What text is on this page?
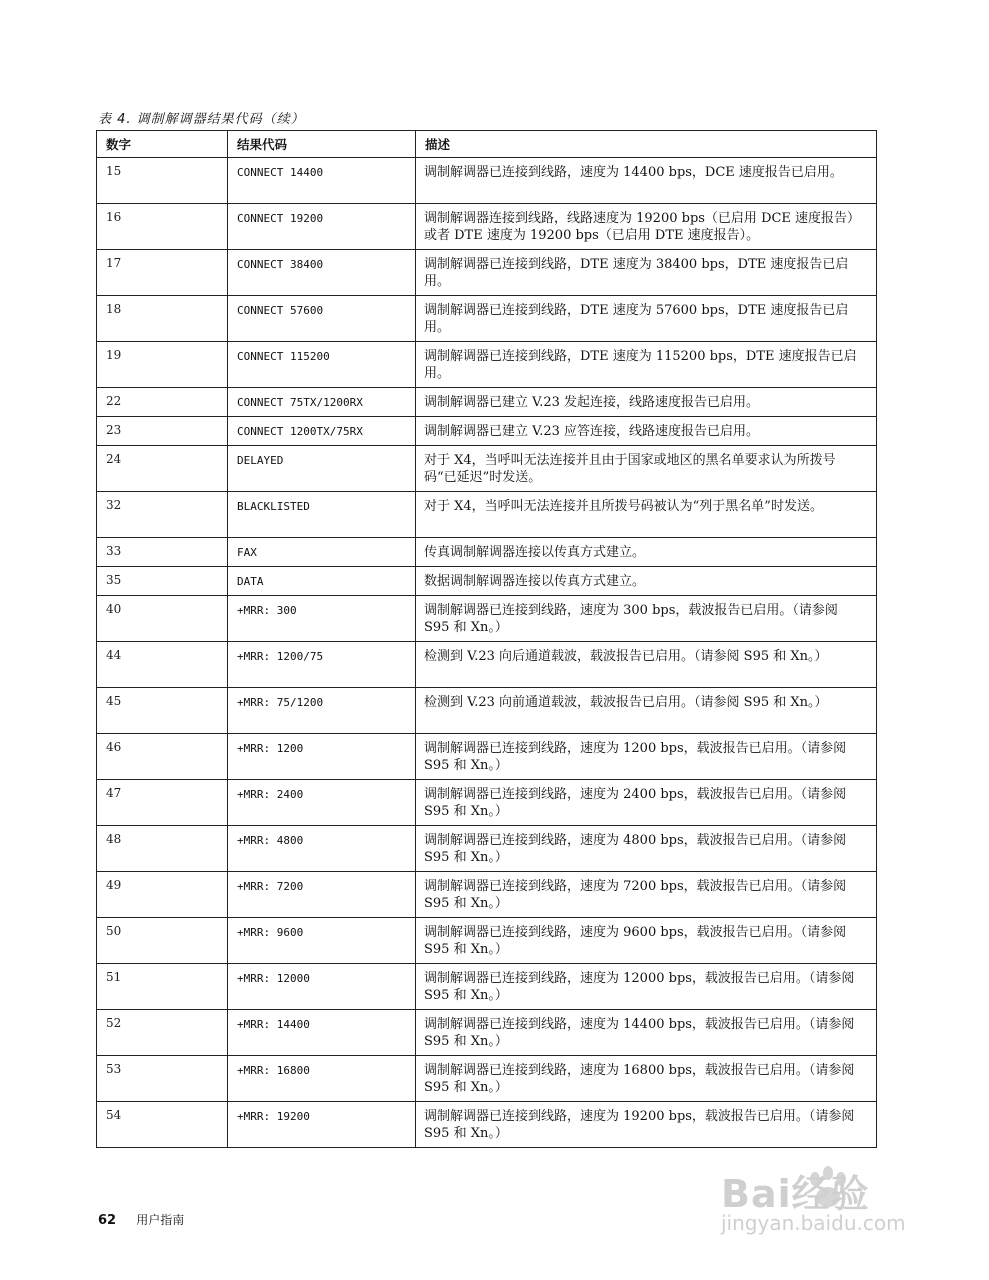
表 4. 调制解调器结果代码（续）
数字	结果代码	描述
15	CONNECT 14400	调制解调器已连接到线路，速度为 14400 bps，DCE 速度报告已启用。
16	CONNECT 19200	调制解调器连接到线路，线路速度为 19200 bps（已启用 DCE 速度报告）或者 DTE 速度为 19200 bps（已启用 DTE 速度报告）。
17	CONNECT 38400	调制解调器已连接到线路，DTE 速度为 38400 bps，DTE 速度报告已启用。
18	CONNECT 57600	调制解调器已连接到线路，DTE 速度为 57600 bps，DTE 速度报告已启用。
19	CONNECT 115200	调制解调器已连接到线路，DTE 速度为 115200 bps，DTE 速度报告已启用。
22	CONNECT 75TX/1200RX	调制解调器已建立 V.23 发起连接，线路速度报告已启用。
23	CONNECT 1200TX/75RX	调制解调器已建立 V.23 应答连接，线路速度报告已启用。
24	DELAYED	对于 X4，当呼叫无法连接并且由于国家或地区的黑名单要求认为所拨号码“已延迟”时发送。
32	BLACKLISTED	对于 X4，当呼叫无法连接并且所拨号码被认为“列于黑名单”时发送。
33	FAX	传真调制解调器连接以传真方式建立。
35	DATA	数据调制解调器连接以传真方式建立。
40	+MRR: 300	调制解调器已连接到线路，速度为 300 bps，载波报告已启用。（请参阅 S95 和 Xn。）
44	+MRR: 1200/75	检测到 V.23 向后通道载波，载波报告已启用。（请参阅 S95 和 Xn。）
45	+MRR: 75/1200	检测到 V.23 向前通道载波，载波报告已启用。（请参阅 S95 和 Xn。）
46	+MRR: 1200	调制解调器已连接到线路，速度为 1200 bps，载波报告已启用。（请参阅 S95 和 Xn。）
47	+MRR: 2400	调制解调器已连接到线路，速度为 2400 bps，载波报告已启用。（请参阅 S95 和 Xn。）
48	+MRR: 4800	调制解调器已连接到线路，速度为 4800 bps，载波报告已启用。（请参阅 S95 和 Xn。）
49	+MRR: 7200	调制解调器已连接到线路，速度为 7200 bps，载波报告已启用。（请参阅 S95 和 Xn。）
50	+MRR: 9600	调制解调器已连接到线路，速度为 9600 bps，载波报告已启用。（请参阅 S95 和 Xn。）
51	+MRR: 12000	调制解调器已连接到线路，速度为 12000 bps，载波报告已启用。（请参阅 S95 和 Xn。）
52	+MRR: 14400	调制解调器已连接到线路，速度为 14400 bps，载波报告已启用。（请参阅 S95 和 Xn。）
53	+MRR: 16800	调制解调器已连接到线路，速度为 16800 bps，载波报告已启用。（请参阅 S95 和 Xn。）
54	+MRR: 19200	调制解调器已连接到线路，速度为 19200 bps，载波报告已启用。（请参阅 S95 和 Xn。）
62 用户指南
Bai经验
jingyan.baidu.com
